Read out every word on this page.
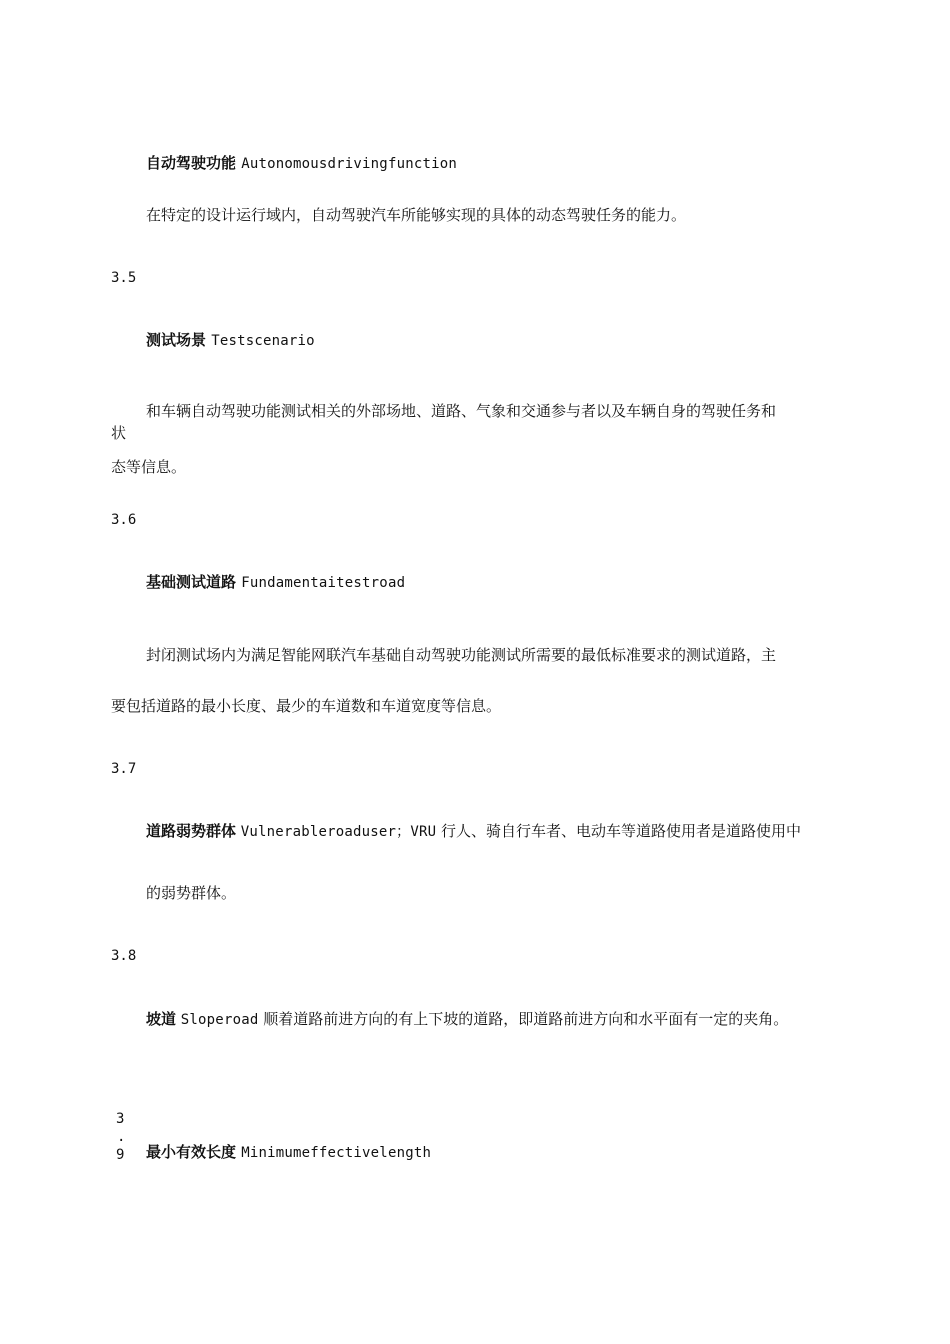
自动驾驶功能 Autonomousdrivingfunction
在特定的设计运行域内，自动驾驶汽车所能够实现的具体的动态驾驶任务的能力。
3.5
测试场景 Testscenario
和车辆自动驾驶功能测试相关的外部场地、道路、气象和交通参与者以及车辆自身的驾驶任务和
状
态等信息。
3.6
基础测试道路 Fundamentaitestroad
封闭测试场内为满足智能网联汽车基础自动驾驶功能测试所需要的最低标准要求的测试道路，主
要包括道路的最小长度、最少的车道数和车道宽度等信息。
3.7
道路弱势群体 Vulnerableroaduser；VRU 行人、骑自行车者、电动车等道路使用者是道路使用中
的弱势群体。
3.8
坡道 Sloperoad 顺着道路前进方向的有上下坡的道路，即道路前进方向和水平面有一定的夹角。
3
.
9 最小有效长度 Minimumeffectivelength
